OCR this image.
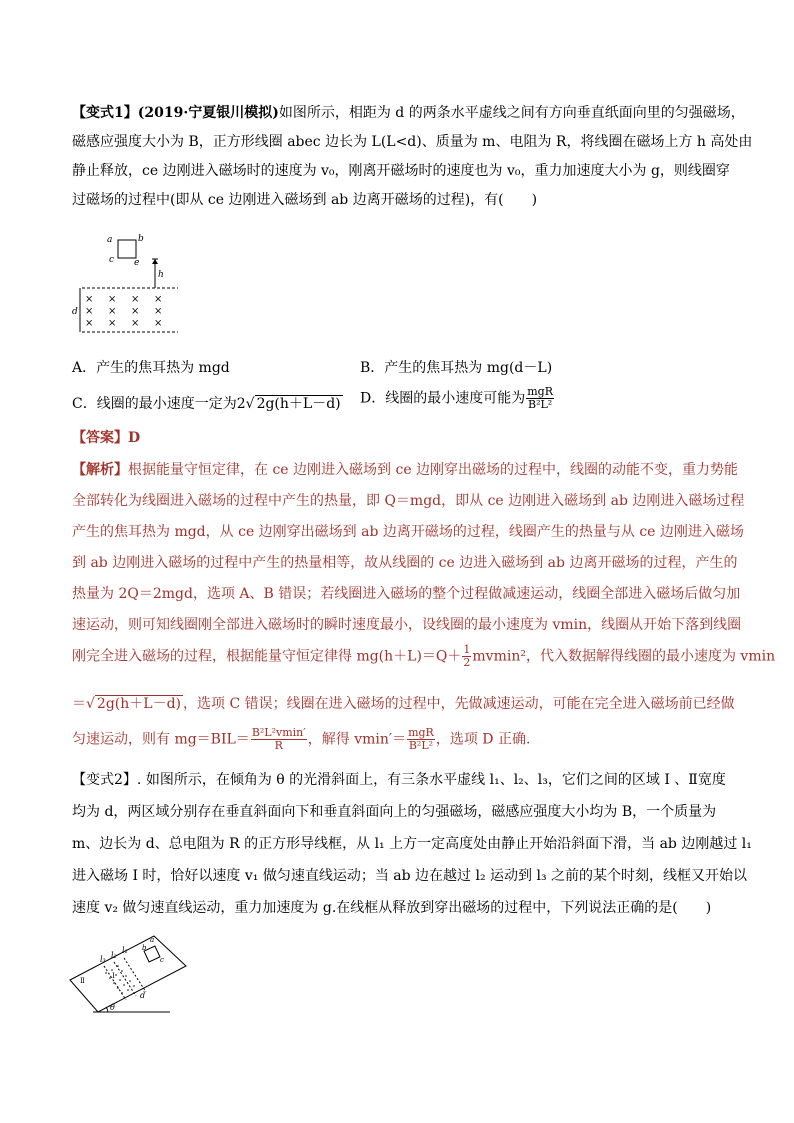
【变式1】(2019·宁夏银川模拟)如图所示，相距为 d 的两条水平虚线之间有方向垂直纸面向里的匀强磁场，
磁感应强度大小为 B，正方形线圈 abec 边长为 L(L<d)、质量为 m、电阻为 R，将线圈在磁场上方 h 高处由
静止释放，ce 边刚进入磁场时的速度为 v₀，刚离开磁场时的速度也为 v₀，重力加速度大小为 g，则线圈穿
过磁场的过程中(即从 ce 边刚进入磁场到 ab 边离开磁场的过程)，有(　　)
a	b
c e
h
d
× × × ×
× × × ×
× × × ×
A．产生的焦耳热为 mgd	B．产生的焦耳热为 mg(d－L)
C．线圈的最小速度一定为2√ 2g(h＋L－d) D．线圈的最小速度可能为 $\frac{\text{mgR}}{\text{B²L²}}$
【答案】D
【解析】根据能量守恒定律，在 ce 边刚进入磁场到 ce 边刚穿出磁场的过程中，线圈的动能不变，重力势能
全部转化为线圈进入磁场的过程中产生的热量，即 Q＝mgd，即从 ce 边刚进入磁场到 ab 边刚进入磁场过程
产生的焦耳热为 mgd，从 ce 边刚穿出磁场到 ab 边离开磁场的过程，线圈产生的热量与从 ce 边刚进入磁场
到 ab 边刚进入磁场的过程中产生的热量相等，故从线圈的 ce 边进入磁场到 ab 边离开磁场的过程，产生的
热量为 2Q＝2mgd，选项 A、B 错误；若线圈进入磁场的整个过程做减速运动，线圈全部进入磁场后做匀加
速运动，则可知线圈刚全部进入磁场时的瞬时速度最小，设线圈的最小速度为 vmin，线圈从开始下落到线圈
刚完全进入磁场的过程，根据能量守恒定律得 $mg(h+L)=Q+ \frac{1}{2} mvmin^2$，代入数据解得线圈的最小速度为 vmin
＝√ 2g(h＋L－d) ，选项 C 错误；线圈在进入磁场的过程中，先做减速运动，可能在完全进入磁场前已经做
匀速运动，则有 $mg=BIL= \frac{\text{B²L²vmin′}}{R}$ ，解得 $vmin'= \frac{\text{mgR}}{\text{B²L²}}$ ，选项 D 正确.
【变式2】. 如图所示，在倾角为 θ 的光滑斜面上，有三条水平虚线 l₁、l₂、l₃，它们之间的区域 Ⅰ 、Ⅱ宽度
均为 d，两区域分别存在垂直斜面向下和垂直斜面向上的匀强磁场，磁感应强度大小均为 B，一个质量为
m、边长为 d、总电阻为 R 的正方形导线框，从 l₁ 上方一定高度处由静止开始沿斜面下滑，当 ab 边刚越过 l₁
进入磁场 Ⅰ 时，恰好以速度 v₁ 做匀速直线运动；当 ab 边在越过 l₂ 运动到 l₃ 之前的某个时刻，线框又开始以
速度 v₂ 做匀速直线运动，重力加速度为 g.在线框从释放到穿出磁场的过程中，下列说法正确的是(　　)
l₁
l₂
l₃
Ⅰ
Ⅱ
a
b
c
d
θ
